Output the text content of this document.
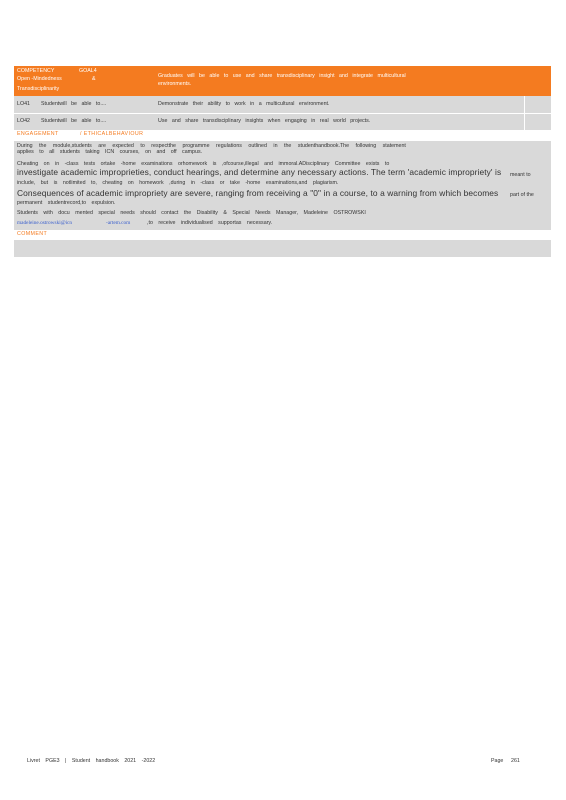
COMPETENCY	GOAL4
Open -Mindedness	&
Transdisciplinarity
Graduates will be able to use and share transdisciplinary insight and integrate multicultural
environments.
LO41 Studentwill be able to....	Demonstrate their ability to work in a multicultural environment.
LO42 Studentwill be able to....	Use and share transdisciplinary insights when engaging in real world projects.
ENGAGEMENT	/ ETHICALBEHAVIOUR
During the module,students are expected to respectthe programme regulations outlined in the studenthandbook.The following statement
applies to all students taking ICN courses, on and off campus.
Cheating on in -class tests ortake -home examinations orhomework is ,ofcourse,illegal and immoral.ADisciplinary Committee exists to
investigate academic improprieties, conduct hearings, and determine any necessary actions. The term 'academic impropriety' is meant to
include, but is notlimited to, cheating on homework ,during in -class or take -home examinations,and plagiarism.
Consequences of academic impropriety are severe, ranging from receiving a "0" in a course, to a warning from which becomes part of the
permanent studentrecord,to expulsion.
Students with docu mented special needs should contact the Disability & Special Needs Manager, Madeleine OSTROWSKI
madeleine.ostrowski@icn	-artem.com	,to receive individualised supportas necessary.
COMMENT
Livret PGE3 | Student handbook 2021 -2022	Page 261
